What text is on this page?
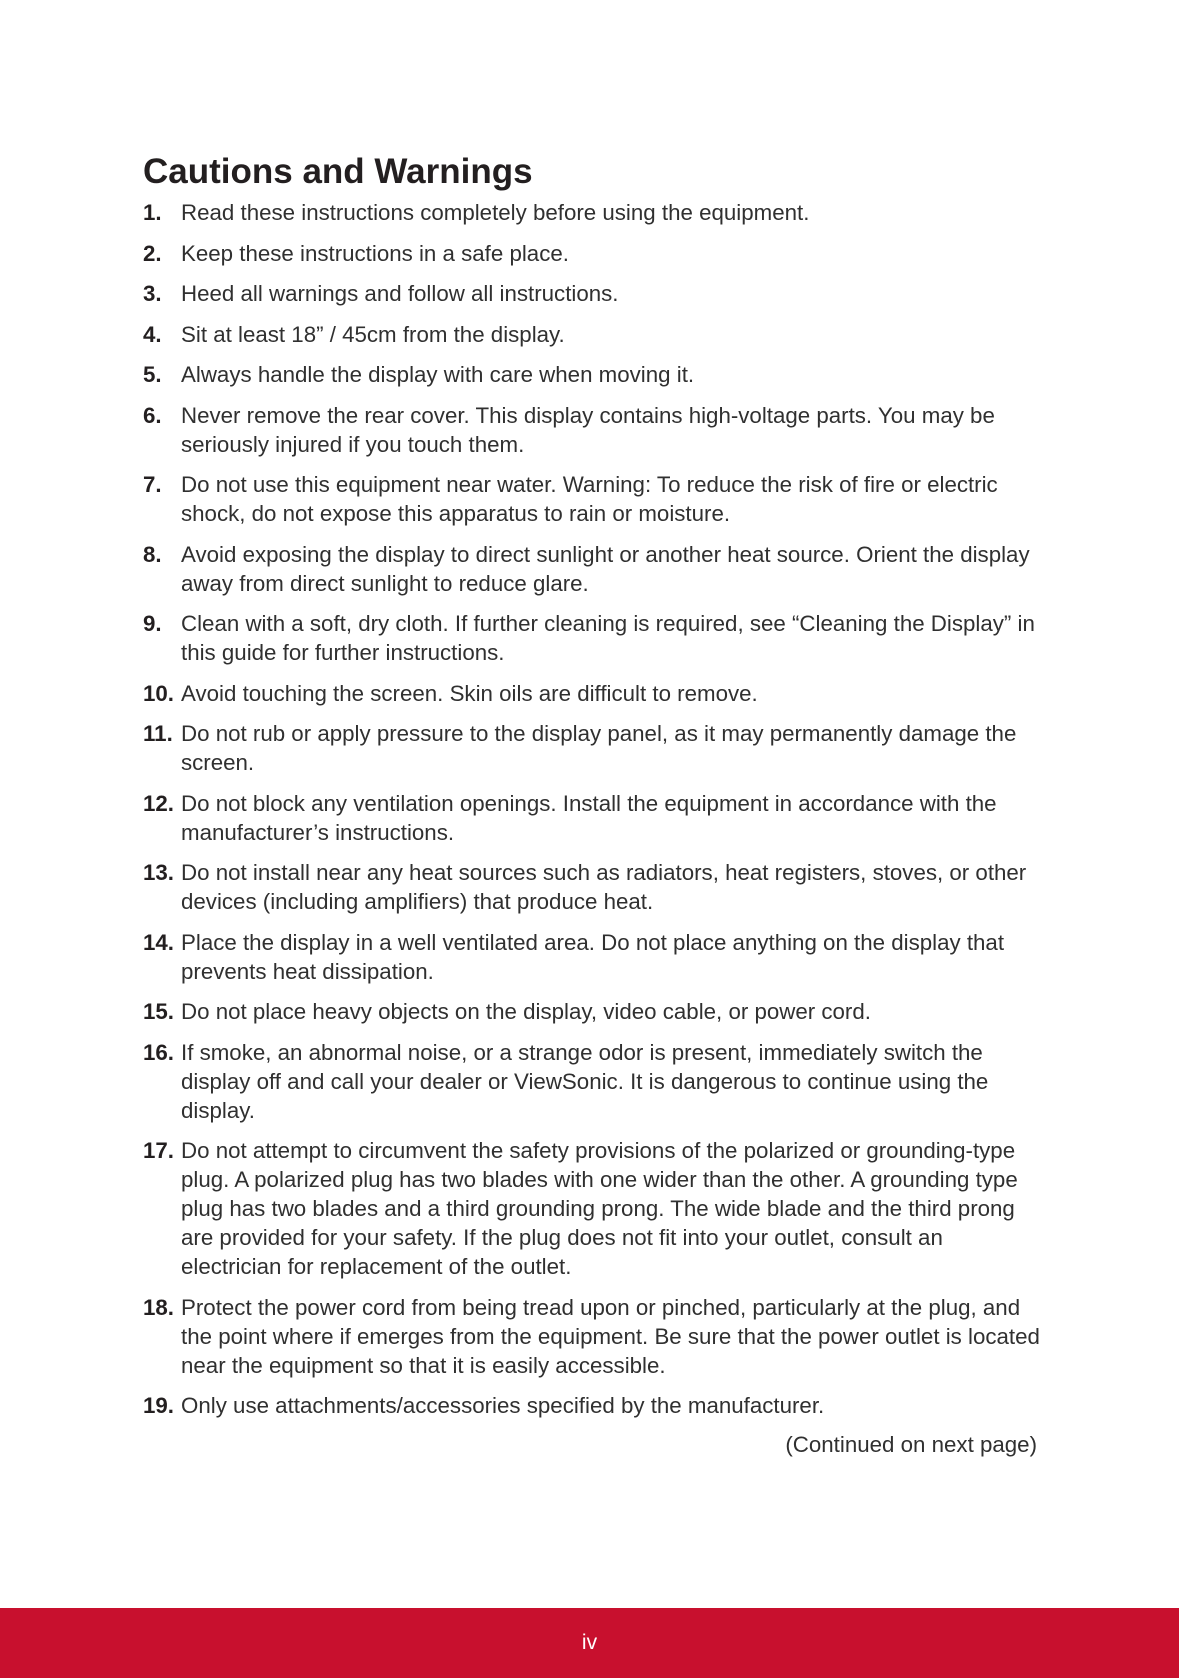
Cautions and Warnings
1. Read these instructions completely before using the equipment.
2. Keep these instructions in a safe place.
3. Heed all warnings and follow all instructions.
4. Sit at least 18” / 45cm from the display.
5. Always handle the display with care when moving it.
6. Never remove the rear cover. This display contains high-voltage parts. You may be seriously injured if you touch them.
7. Do not use this equipment near water. Warning: To reduce the risk of fire or electric shock, do not expose this apparatus to rain or moisture.
8. Avoid exposing the display to direct sunlight or another heat source. Orient the display away from direct sunlight to reduce glare.
9. Clean with a soft, dry cloth. If further cleaning is required, see “Cleaning the Display” in this guide for further instructions.
10. Avoid touching the screen. Skin oils are difficult to remove.
11. Do not rub or apply pressure to the display panel, as it may permanently damage the screen.
12. Do not block any ventilation openings. Install the equipment in accordance with the manufacturer’s instructions.
13. Do not install near any heat sources such as radiators, heat registers, stoves, or other devices (including amplifiers) that produce heat.
14. Place the display in a well ventilated area. Do not place anything on the display that prevents heat dissipation.
15. Do not place heavy objects on the display, video cable, or power cord.
16. If smoke, an abnormal noise, or a strange odor is present, immediately switch the display off and call your dealer or ViewSonic. It is dangerous to continue using the display.
17. Do not attempt to circumvent the safety provisions of the polarized or grounding-type plug. A polarized plug has two blades with one wider than the other. A grounding type plug has two blades and a third grounding prong. The wide blade and the third prong are provided for your safety. If the plug does not fit into your outlet, consult an electrician for replacement of the outlet.
18. Protect the power cord from being tread upon or pinched, particularly at the plug, and the point where if emerges from the equipment. Be sure that the power outlet is located near the equipment so that it is easily accessible.
19. Only use attachments/accessories specified by the manufacturer.
(Continued on next page)
iv
